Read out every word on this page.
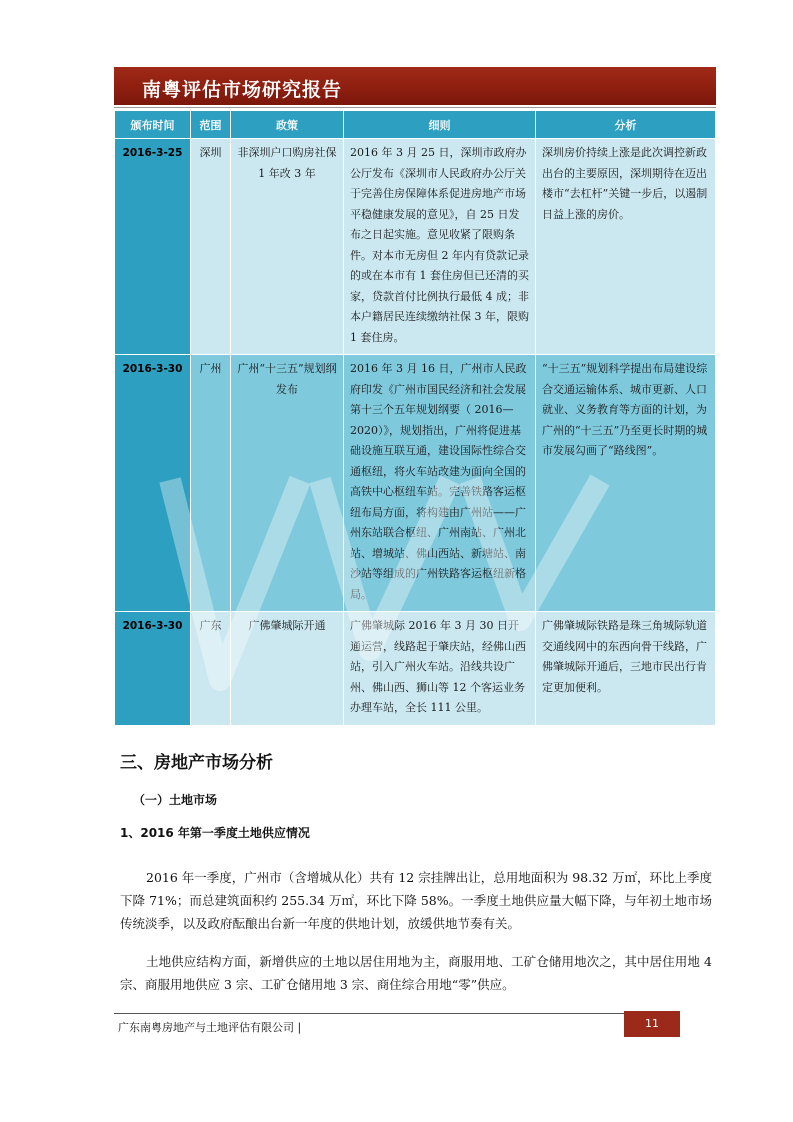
南粤评估市场研究报告
颁布时间	范围	政策	细则	分析
2016-3-25	深圳	非深圳户口购房社保 1 年改 3 年	2016 年 3 月 25 日，深圳市政府办公厅发布《深圳市人民政府办公厅关于完善住房保障体系促进房地产市场平稳健康发展的意见》，自 25 日发布之日起实施。意见收紧了限购条件。对本市无房但 2 年内有贷款记录的或在本市有 1 套住房但已还清的买家，贷款首付比例执行最低 4 成；非本户籍居民连续缴纳社保 3 年，限购 1 套住房。	深圳房价持续上涨是此次调控新政出台的主要原因，深圳期待在迈出楼市“去杠杆”关键一步后，以遏制日益上涨的房价。
2016-3-30	广州	广州“十三五”规划纲发布	2016 年 3 月 16 日，广州市人民政府印发《广州市国民经济和社会发展第十三个五年规划纲要（ 2016—2020）》，规划指出，广州将促进基础设施互联互通，建设国际性综合交通枢纽，将火车站改建为面向全国的高铁中心枢纽车站。完善铁路客运枢纽布局方面，将构建由广州站——广州东站联合枢纽、广州南站、广州北站、增城站、佛山西站、新塘站、南沙站等组成的广州铁路客运枢纽新格局。	“十三五”规划科学提出布局建设综合交通运输体系、城市更新、人口就业、义务教育等方面的计划，为广州的“十三五”乃至更长时期的城市发展勾画了“路线图”。
2016-3-30	广东	广佛肇城际开通	广佛肇城际 2016 年 3 月 30 日开通运营，线路起于肇庆站，经佛山西站，引入广州火车站。沿线共设广州、佛山西、狮山等 12 个客运业务办理车站，全长 111 公里。	广佛肇城际铁路是珠三角城际轨道交通线网中的东西向骨干线路，广佛肇城际开通后，三地市民出行肯定更加便利。
三、房地产市场分析
（一）土地市场
1、2016 年第一季度土地供应情况

2016 年一季度，广州市（含增城从化）共有 12 宗挂牌出让，总用地面积为 98.32 万㎡，环比上季度下降 71%；而总建筑面积约 255.34 万㎡，环比下降 58%。一季度土地供应量大幅下降，与年初土地市场传统淡季，以及政府酝酿出台新一年度的供地计划，放缓供地节奏有关。

土地供应结构方面，新增供应的土地以居住用地为主，商服用地、工矿仓储用地次之，其中居住用地 4 宗、商服用地供应 3 宗、工矿仓储用地 3 宗、商住综合用地“零”供应。

广东南粤房地产与土地评估有限公司 |	11
